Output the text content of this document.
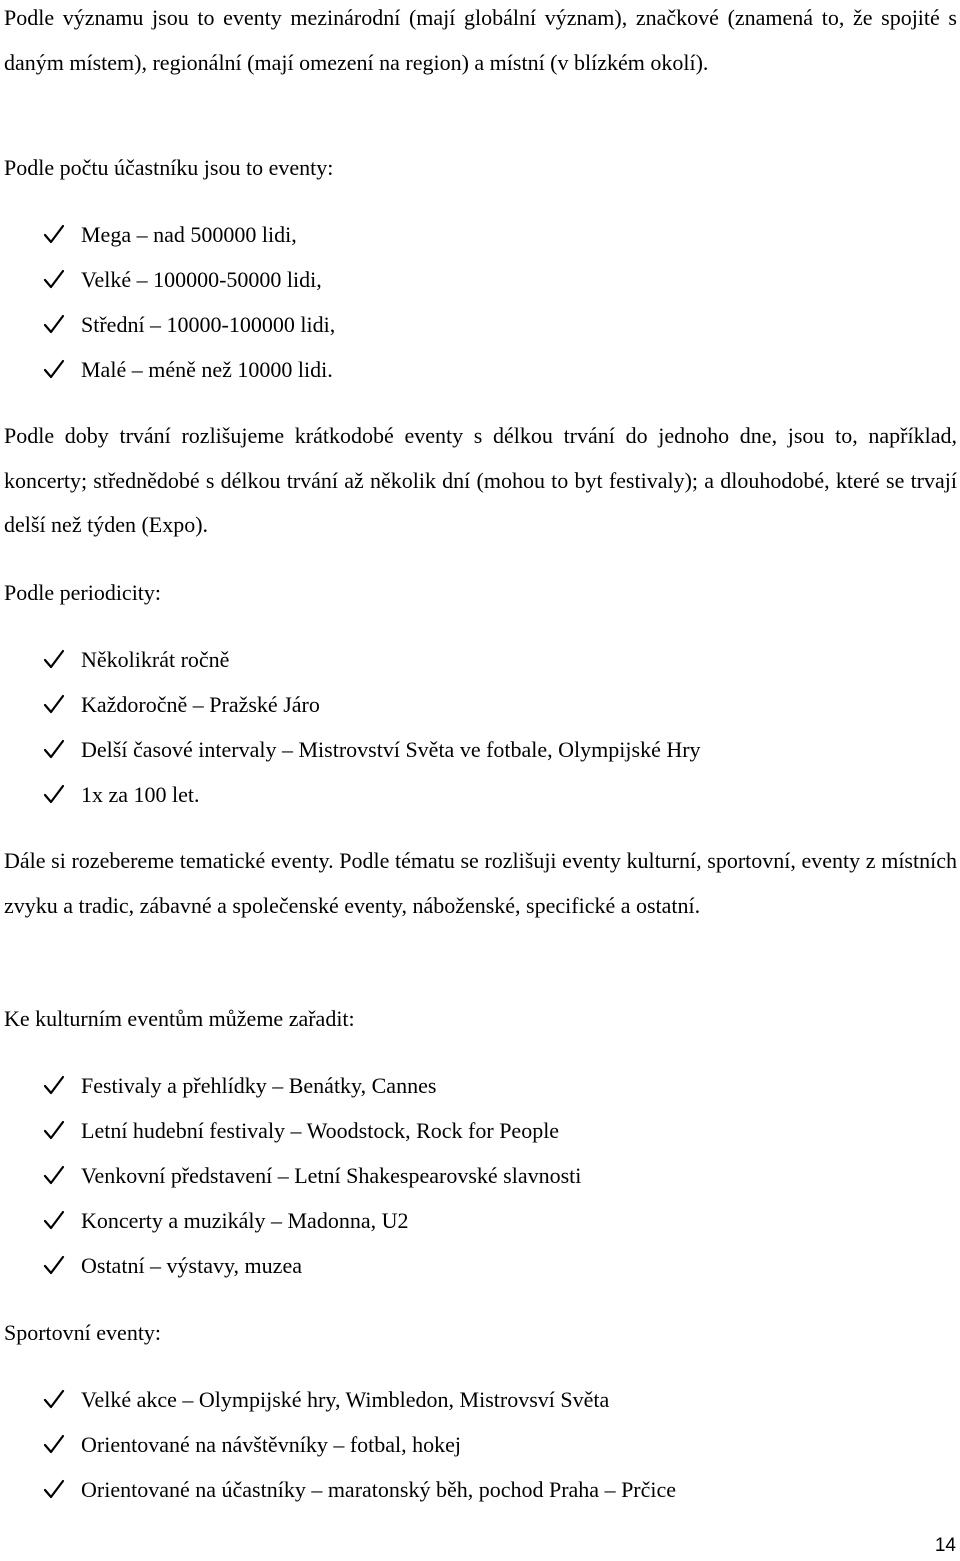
Podle významu jsou to eventy mezinárodní (mají globální význam), značkové (znamená to, že spojité s daným místem), regionální (mají omezení na region) a místní (v blízkém okolí).

Podle počtu účastníku jsou to eventy:

Mega – nad 500000 lidi,
Velké – 100000-50000 lidi,
Střední – 10000-100000 lidi,
Malé – méně než 10000 lidi.

Podle doby trvání rozlišujeme krátkodobé eventy s délkou trvání do jednoho dne, jsou to, například, koncerty; střednědobé s délkou trvání až několik dní (mohou to byt festivaly); a dlouhodobé, které se trvají delší než týden (Expo).

Podle periodicity:

Několikrát ročně
Každoročně – Pražské Járo
Delší časové intervaly – Mistrovství Světa ve fotbale, Olympijské Hry
1x za 100 let.

Dále si rozebereme tematické eventy. Podle tématu se rozlišuji eventy kulturní, sportovní, eventy z místních zvyku a tradic, zábavné a společenské eventy, náboženské, specifické a ostatní.

Ke kulturním eventům můžeme zařadit:

Festivaly a přehlídky – Benátky, Cannes
Letní hudební festivaly – Woodstock, Rock for People
Venkovní představení – Letní Shakespearovské slavnosti
Koncerty a muzikály – Madonna, U2
Ostatní – výstavy, muzea

Sportovní eventy:

Velké akce – Olympijské hry, Wimbledon, Mistrovsví Světa
Orientované na návštěvníky – fotbal, hokej
Orientované na účastníky – maratonský běh, pochod Praha – Prčice
14
